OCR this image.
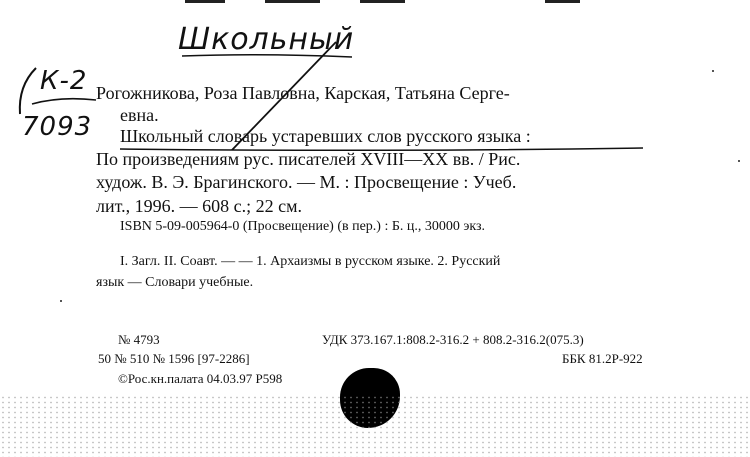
Школьный
К-2
7093
Рогожникова, Роза Павловна, Карская, Татьяна Серге-
евна.
Школьный словарь устаревших слов русского языка :
По произведениям рус. писателей XVIII—XX вв. / Рис.
худож. В. Э. Брагинского. — М. : Просвещение : Учеб.
лит., 1996. — 608 с.; 22 см.
ISBN 5-09-005964-0 (Просвещение) (в пер.) : Б. ц., 30000 экз.
I. Загл. II. Соавт. — — 1. Архаизмы в русском языке. 2. Русский
язык — Словари учебные.
№ 4793	УДК 373.167.1:808.2-316.2 + 808.2-316.2(075.3)
50 № 510 № 1596 [97-2286]	ББК 81.2Р-922
©Рос.кн.палата 04.03.97 Р598
